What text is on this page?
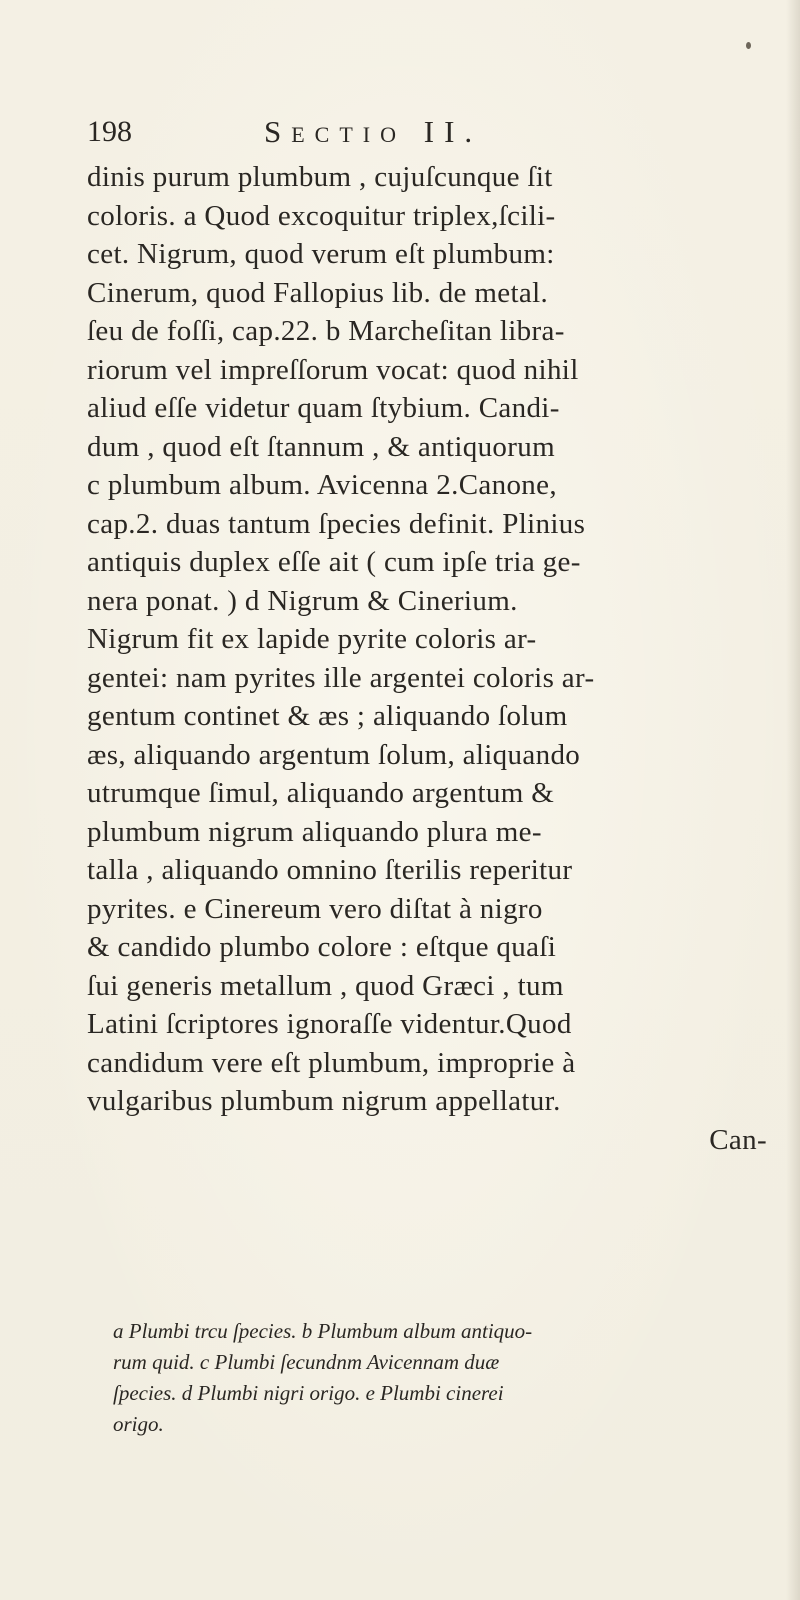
198	Sectio II.
dinis purum plumbum , cujuſcunque ſit
coloris. a Quod excoquitur triplex,ſcili-
cet. Nigrum, quod verum eſt plumbum:
Cinerum, quod Fallopius lib. de metal.
ſeu de foſſi, cap.22. b Marcheſitan libra-
riorum vel impreſſorum vocat: quod nihil
aliud eſſe videtur quam ſtybium. Candi-
dum , quod eſt ſtannum , & antiquorum
c plumbum album. Avicenna 2.Canone,
cap.2. duas tantum ſpecies definit. Plinius
antiquis duplex eſſe ait ( cum ipſe tria ge-
nera ponat. ) d Nigrum & Cinerium.
Nigrum fit ex lapide pyrite coloris ar-
gentei: nam pyrites ille argentei coloris ar-
gentum continet & æs ; aliquando ſolum
æs, aliquando argentum ſolum, aliquando
utrumque ſimul, aliquando argentum &
plumbum nigrum aliquando plura me-
talla , aliquando omnino ſterilis reperitur
pyrites. e Cinereum vero diſtat à nigro
& candido plumbo colore : eſtque quaſi
ſui generis metallum , quod Græci , tum
Latini ſcriptores ignoraſſe videntur.Quod
candidum vere eſt plumbum, improprie à
vulgaribus plumbum nigrum appellatur.
Can-
a Plumbi trcu ſpecies. b Plumbum album antiquo-
rum quid. c Plumbi ſecundnm Avicennam duæ
ſpecies. d Plumbi nigri origo. e Plumbi cinerei
origo.
